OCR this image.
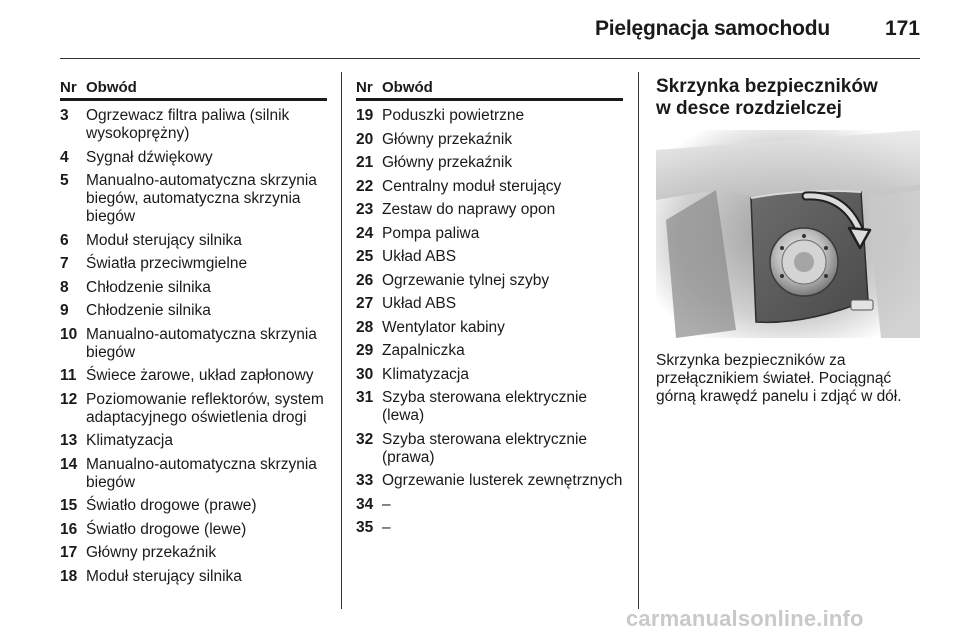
Pielęgnacja samochodu	171
Nr Obwód
3	Ogrzewacz filtra paliwa (silnik wysokoprężny)
4	Sygnał dźwiękowy
5	Manualno-automatyczna skrzynia biegów, automatyczna skrzynia biegów
6	Moduł sterujący silnika
7	Światła przeciwmgielne
8	Chłodzenie silnika
9	Chłodzenie silnika
10 Manualno-automatyczna skrzynia biegów
11 Świece żarowe, układ zapłonowy
12 Poziomowanie reflektorów, system adaptacyjnego oświetlenia drogi
13 Klimatyzacja
14 Manualno-automatyczna skrzynia biegów
15 Światło drogowe (prawe)
16 Światło drogowe (lewe)
17 Główny przekaźnik
18 Moduł sterujący silnika
Nr Obwód
19 Poduszki powietrzne
20 Główny przekaźnik
21 Główny przekaźnik
22 Centralny moduł sterujący
23 Zestaw do naprawy opon
24 Pompa paliwa
25 Układ ABS
26 Ogrzewanie tylnej szyby
27 Układ ABS
28 Wentylator kabiny
29 Zapalniczka
30 Klimatyzacja
31 Szyba sterowana elektrycznie (lewa)
32 Szyba sterowana elektrycznie (prawa)
33 Ogrzewanie lusterek zewnętrznych
34 –
35 –
Skrzynka bezpieczników w desce rozdzielczej
Skrzynka bezpieczników za przełącznikiem świateł. Pociągnąć górną krawędź panelu i zdjąć w dół.
carmanualsonline.info
